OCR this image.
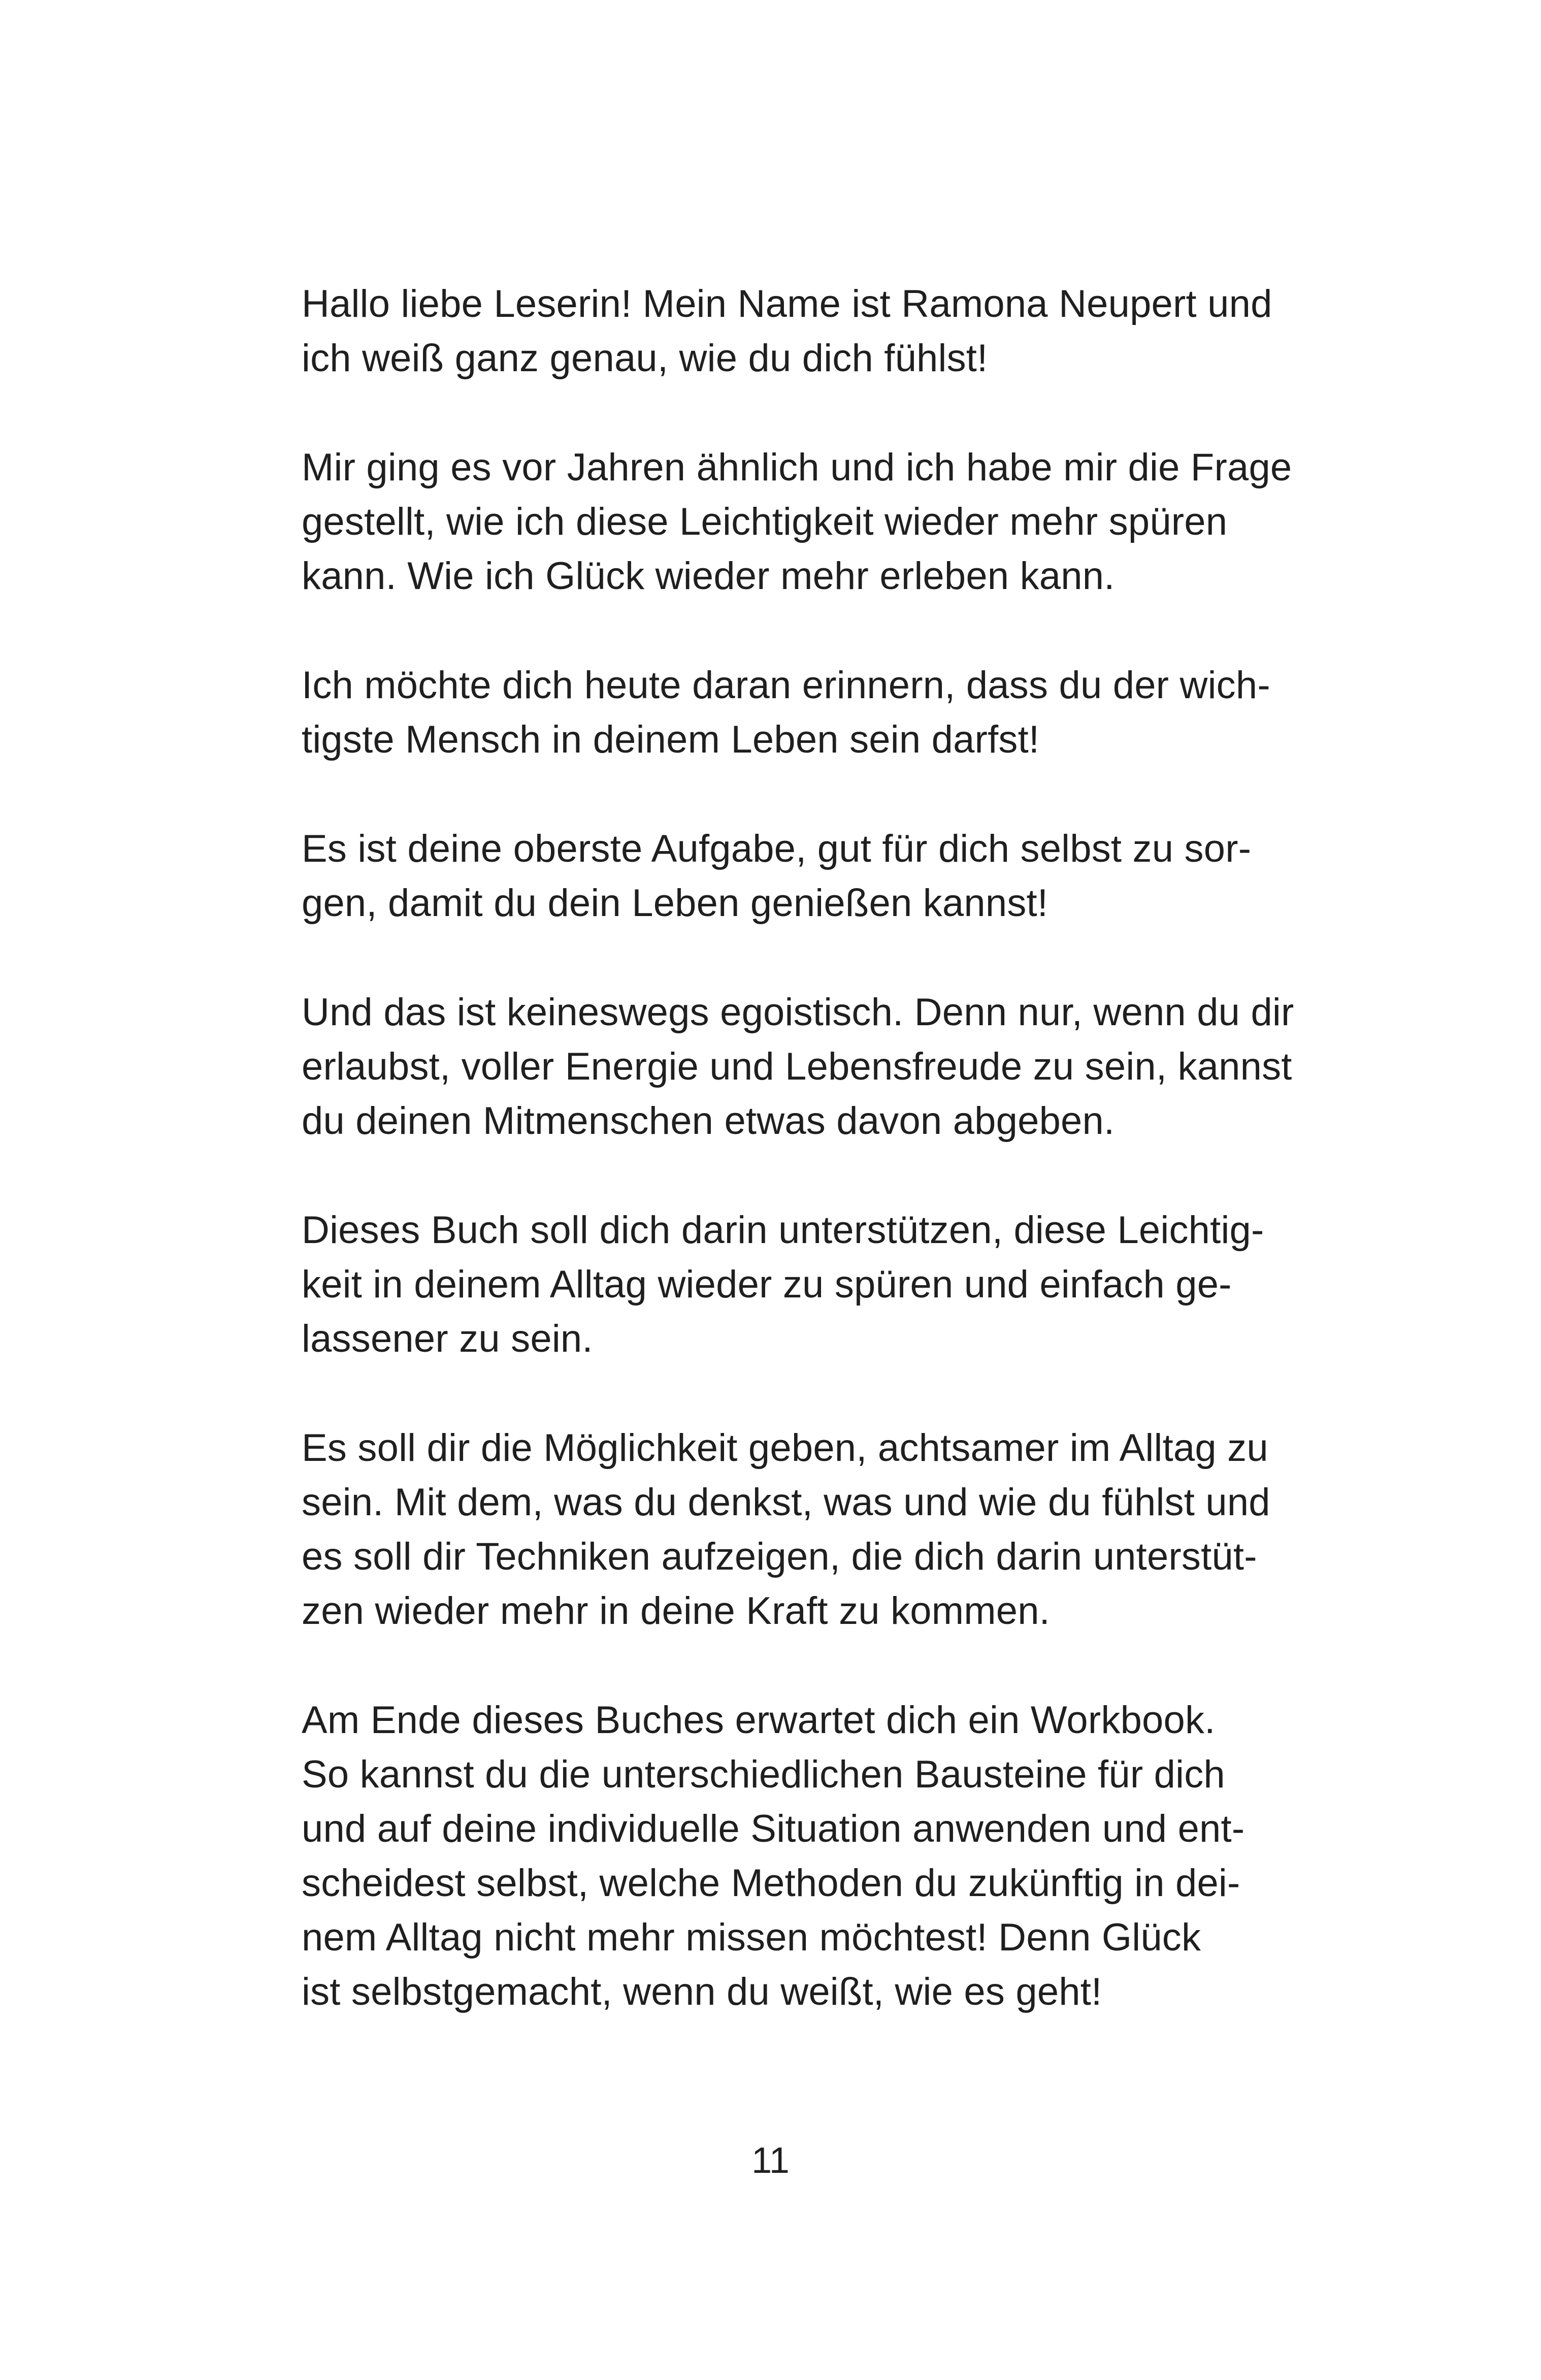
Hallo liebe Leserin! Mein Name ist Ramona Neupert und
ich weiß ganz genau, wie du dich fühlst!

Mir ging es vor Jahren ähnlich und ich habe mir die Frage
gestellt, wie ich diese Leichtigkeit wieder mehr spüren
kann. Wie ich Glück wieder mehr erleben kann.

Ich möchte dich heute daran erinnern, dass du der wich-
tigste Mensch in deinem Leben sein darfst!

Es ist deine oberste Aufgabe, gut für dich selbst zu sor-
gen, damit du dein Leben genießen kannst!

Und das ist keineswegs egoistisch. Denn nur, wenn du dir
erlaubst, voller Energie und Lebensfreude zu sein, kannst
du deinen Mitmenschen etwas davon abgeben.

Dieses Buch soll dich darin unterstützen, diese Leichtig-
keit in deinem Alltag wieder zu spüren und einfach ge-
lassener zu sein.

Es soll dir die Möglichkeit geben, achtsamer im Alltag zu
sein. Mit dem, was du denkst, was und wie du fühlst und
es soll dir Techniken aufzeigen, die dich darin unterstüt-
zen wieder mehr in deine Kraft zu kommen.

Am Ende dieses Buches erwartet dich ein Workbook.
So kannst du die unterschiedlichen Bausteine für dich
und auf deine individuelle Situation anwenden und ent-
scheidest selbst, welche Methoden du zukünftig in dei-
nem Alltag nicht mehr missen möchtest! Denn Glück
ist selbstgemacht, wenn du weißt, wie es geht!

11
